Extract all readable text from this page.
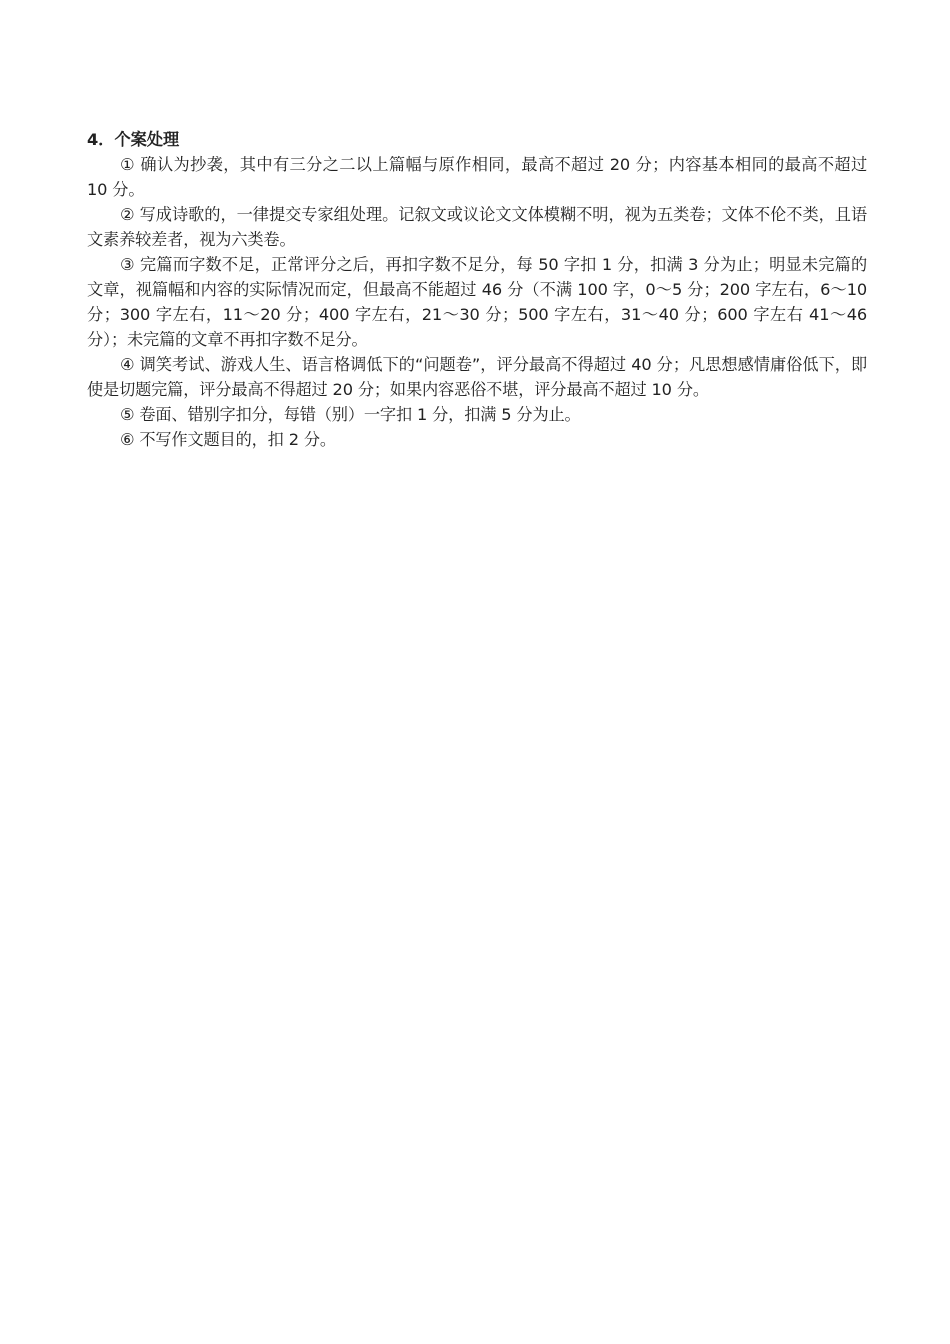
4．个案处理

① 确认为抄袭，其中有三分之二以上篇幅与原作相同，最高不超过 20 分；内容基本相同的最高不超过 10 分。

② 写成诗歌的，一律提交专家组处理。记叙文或议论文文体模糊不明，视为五类卷；文体不伦不类，且语文素养较差者，视为六类卷。

③ 完篇而字数不足，正常评分之后，再扣字数不足分，每 50 字扣 1 分，扣满 3 分为止；明显未完篇的文章，视篇幅和内容的实际情况而定，但最高不能超过 46 分（不满 100 字，0～5 分；200 字左右，6～10 分；300 字左右，11～20 分；400 字左右，21～30 分；500 字左右，31～40 分；600 字左右 41～46 分）；未完篇的文章不再扣字数不足分。

④ 调笑考试、游戏人生、语言格调低下的“问题卷”，评分最高不得超过 40 分；凡思想感情庸俗低下，即使是切题完篇，评分最高不得超过 20 分；如果内容恶俗不堪，评分最高不超过 10 分。

⑤ 卷面、错别字扣分，每错（别）一字扣 1 分，扣满 5 分为止。

⑥ 不写作文题目的，扣 2 分。
